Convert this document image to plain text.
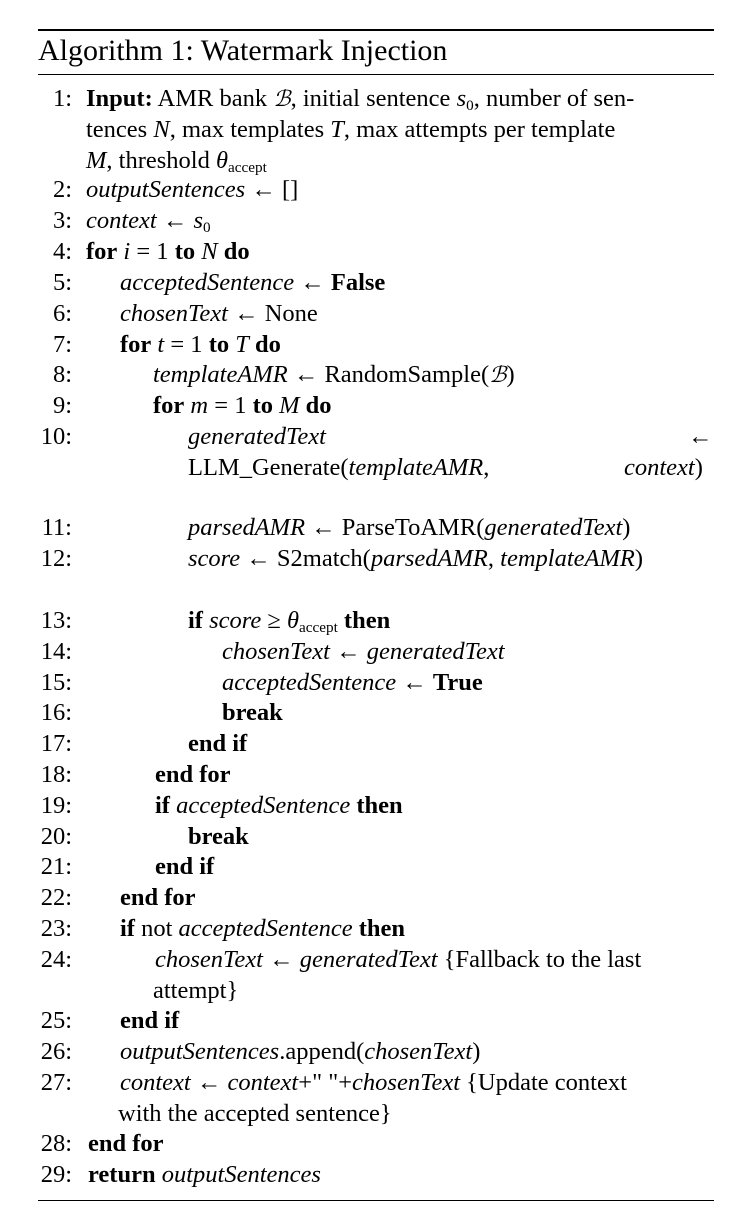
Algorithm 1: Watermark Injection
1:
2:
3:
4:
5:
6:
7:
8:
9:
10:
11:
12:
13:
14:
15:
16:
17:
18:
19:
20:
21:
22:
23:
24:
25:
26:
27:
28:
29:
Input: AMR bank ℬ, initial sentence $s_0$, number of sen-
tences N, max templates T, max attempts per template
M, threshold $\theta_{accept}$
outputSentences ← []
context ← $s_0$
for i = 1 to N do
acceptedSentence ← False
chosenText ← None
for t = 1 to T do
templateAMR ← RandomSample(ℬ)
for m = 1 to M do
generatedText	←
LLM_Generate(templateAMR,	context)
parsedAMR ← ParseToAMR(generatedText)
score ← S2match(parsedAMR, templateAMR)
if score ≥ $\theta_{accept}$ then
chosenText ← generatedText
acceptedSentence ← True
break
end if
end for
if acceptedSentence then
break
end if
end for
if not acceptedSentence then
chosenText ← generatedText {Fallback to the last
attempt}
end if
outputSentences.append(chosenText)
context ← context+" "+chosenText {Update context
with the accepted sentence}
end for
return outputSentences
